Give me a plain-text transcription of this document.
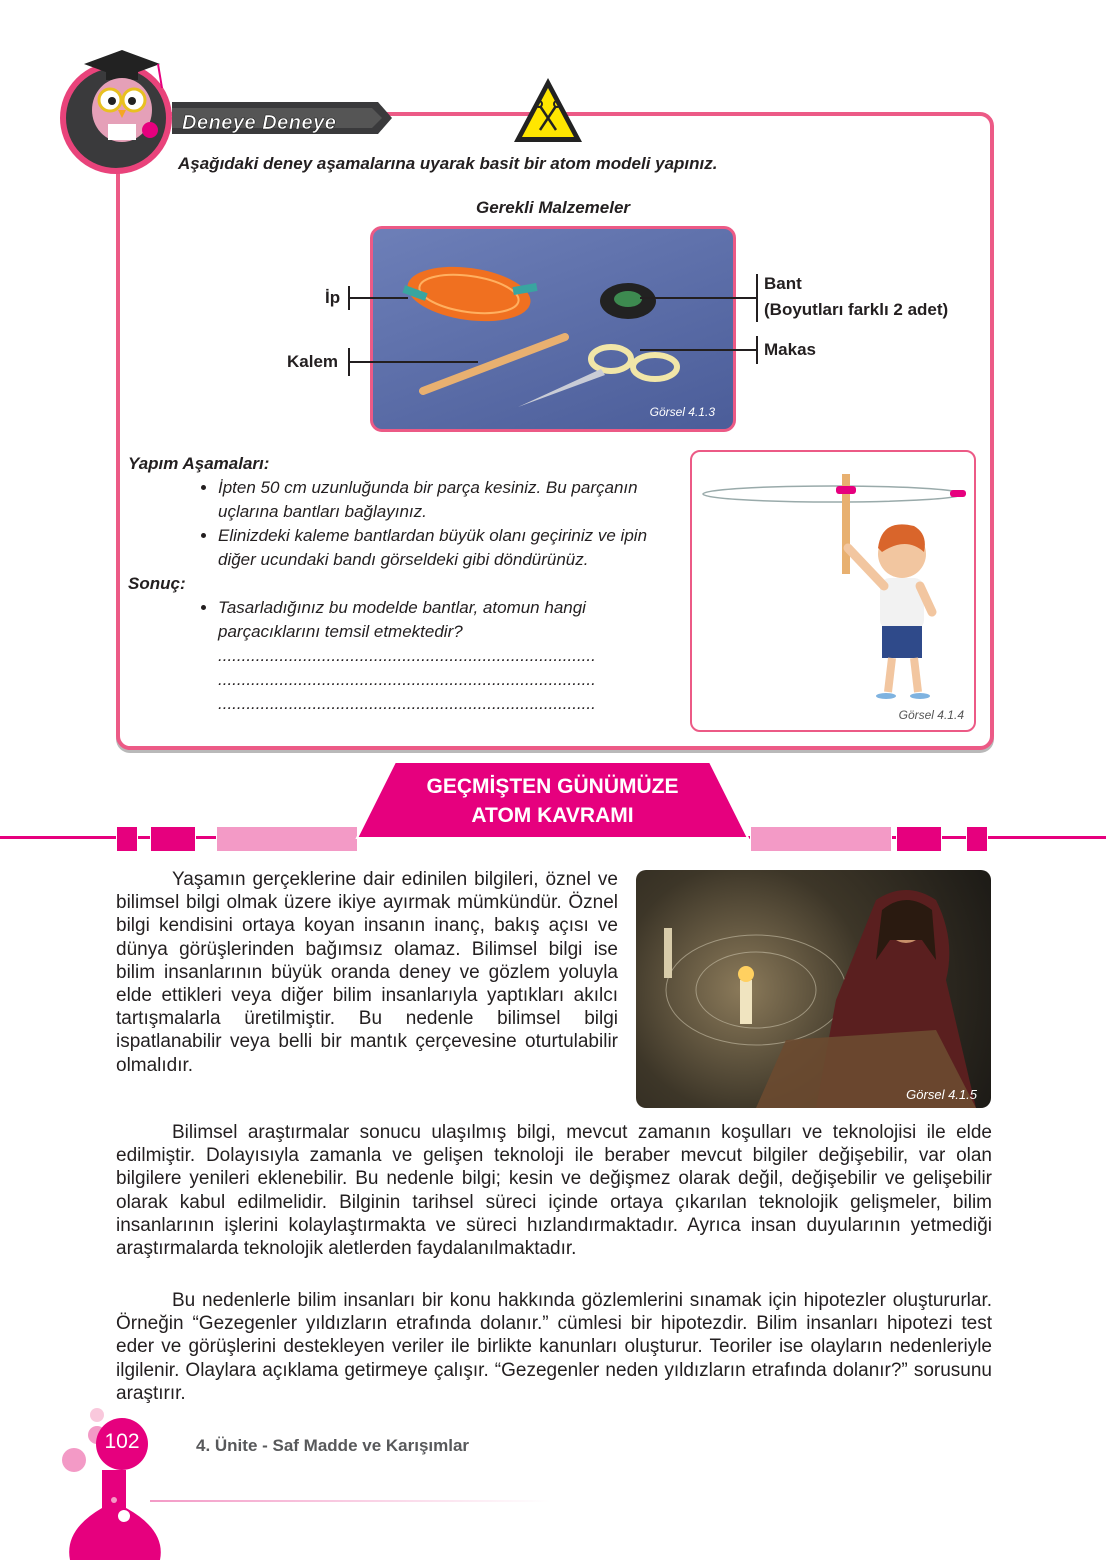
Deneye Deneye
Aşağıdaki deney aşamalarına uyarak basit bir atom modeli yapınız.
Gerekli Malzemeler
Görsel 4.1.3
İp
Kalem
Bant
(Boyutları farklı 2 adet)
Makas
Yapım Aşamaları:
• İpten 50 cm uzunluğunda bir parça kesiniz. Bu parçanın uçlarına bantları bağlayınız.
• Elinizdeki kaleme bantlardan büyük olanı geçiriniz ve ipin diğer ucundaki bandı görseldeki gibi döndürünüz.
Sonuç:
• Tasarladığınız bu modelde bantlar, atomun hangi parçacıklarını temsil etmektedir?
................................................................................
................................................................................
................................................................................
Görsel 4.1.4
GEÇMİŞTEN GÜNÜMÜZE
ATOM KAVRAMI
Görsel 4.1.5
Yaşamın gerçeklerine dair edinilen bilgileri, öznel ve bilimsel bilgi olmak üzere ikiye ayırmak mümkündür. Öznel bilgi kendisini ortaya koyan insanın inanç, bakış açısı ve dünya görüşlerinden bağımsız olamaz. Bilimsel bilgi ise bilim insanlarının büyük oranda deney ve gözlem yoluyla elde ettikleri veya diğer bilim insanlarıyla yaptıkları akılcı tartışmalarla üretilmiştir. Bu nedenle bilimsel bilgi ispatlanabilir veya belli bir mantık çerçevesine oturtulabilir olmalıdır.
Bilimsel araştırmalar sonucu ulaşılmış bilgi, mevcut zamanın koşulları ve teknolojisi ile elde edilmiştir. Dolayısıyla zamanla ve gelişen teknoloji ile beraber mevcut bilgiler değişebilir, var olan bilgilere yenileri eklenebilir. Bu nedenle bilgi; kesin ve değişmez olarak değil, değişebilir ve gelişebilir olarak kabul edilmelidir. Bilginin tarihsel süreci içinde ortaya çıkarılan teknolojik gelişmeler, bilim insanlarının işlerini kolaylaştırmakta ve süreci hızlandırmaktadır. Ayrıca insan duyularının yetmediği araştırmalarda teknolojik aletlerden faydalanılmaktadır.
Bu nedenlerle bilim insanları bir konu hakkında gözlemlerini sınamak için hipotezler oluştururlar. Örneğin “Gezegenler yıldızların etrafında dolanır.” cümlesi bir hipotezdir. Bilim insanları hipotezi test eder ve görüşlerini destekleyen veriler ile birlikte kanunları oluşturur. Teoriler ise olayların nedenleriyle ilgilenir. Olaylara açıklama getirmeye çalışır. “Gezegenler neden yıldızların etrafında dolanır?” sorusunu araştırır.
102	4. Ünite - Saf Madde ve Karışımlar
